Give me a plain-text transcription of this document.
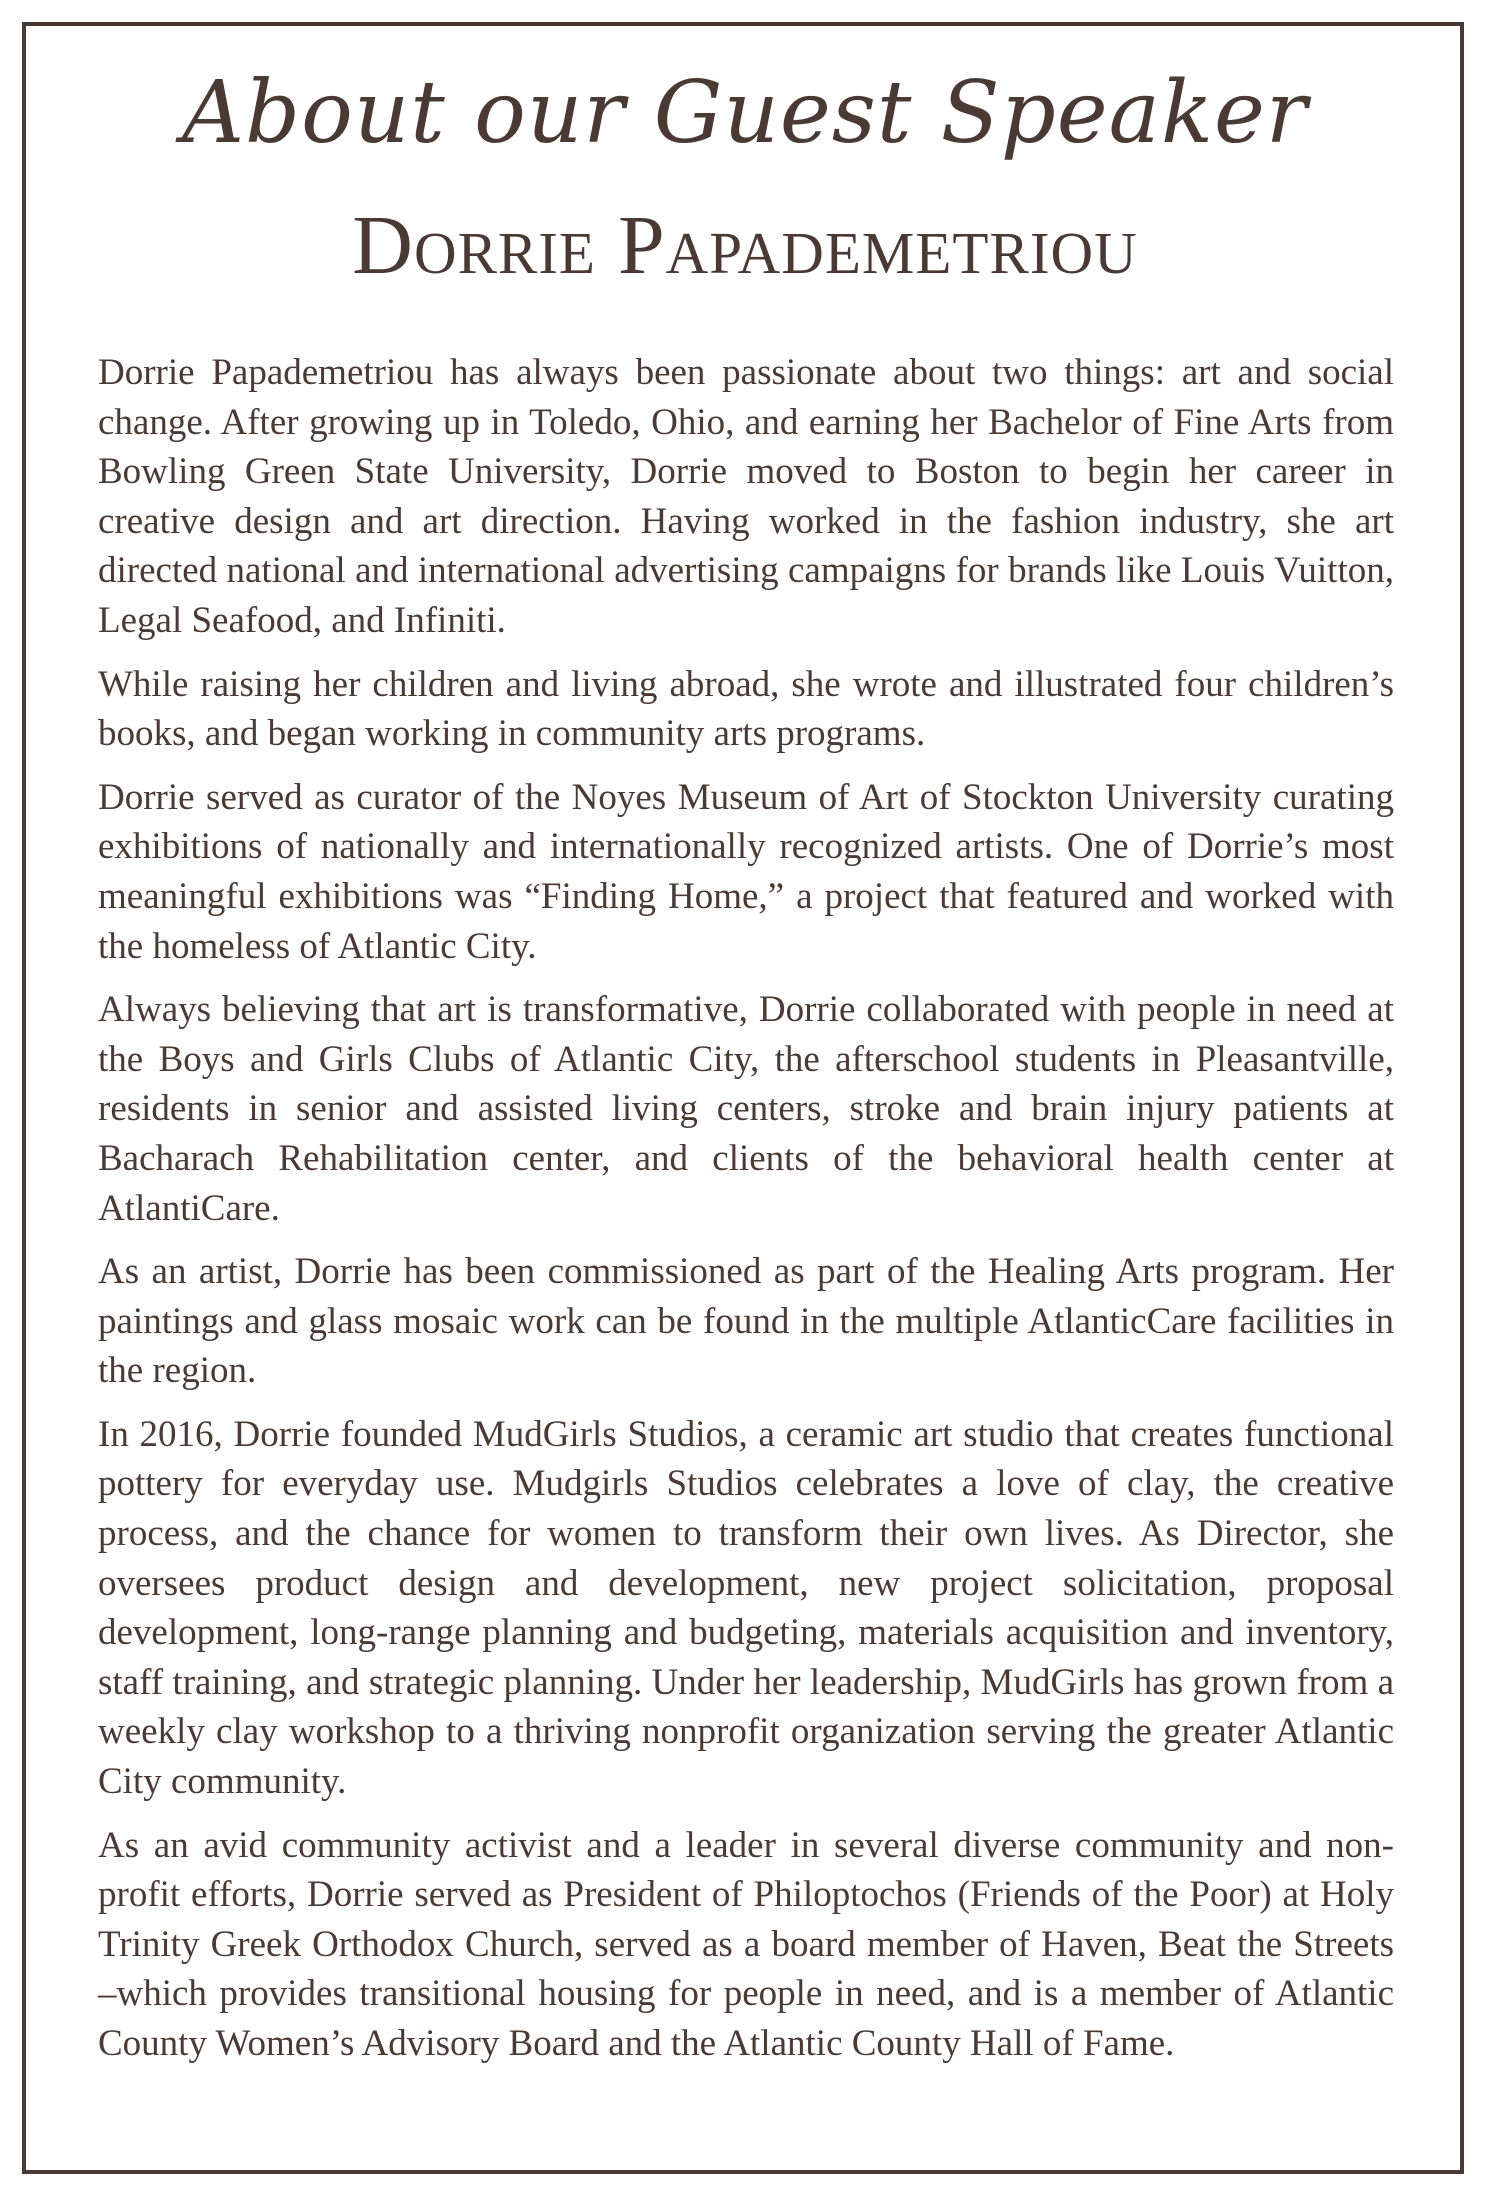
About our Guest Speaker
Dorrie Papademetriou

Dorrie Papademetriou has always been passionate about two things: art and social change. After growing up in Toledo, Ohio, and earning her Bachelor of Fine Arts from Bowling Green State University, Dorrie moved to Boston to begin her career in creative design and art direction. Having worked in the fashion industry, she art directed national and international advertising campaigns for brands like Louis Vuitton, Legal Seafood, and Infiniti.

While raising her children and living abroad, she wrote and illustrated four children’s books, and began working in community arts programs.

Dorrie served as curator of the Noyes Museum of Art of Stockton University curating exhibitions of nationally and internationally recognized artists. One of Dorrie’s most meaningful exhibitions was “Finding Home,” a project that featured and worked with the homeless of Atlantic City.

Always believing that art is transformative, Dorrie collaborated with people in need at the Boys and Girls Clubs of Atlantic City, the afterschool students in Pleasantville, residents in senior and assisted living centers, stroke and brain injury patients at Bacharach Rehabilitation center, and clients of the behavioral health center at AtlantiCare.

As an artist, Dorrie has been commissioned as part of the Healing Arts program. Her paintings and glass mosaic work can be found in the multiple AtlanticCare facilities in the region.

In 2016, Dorrie founded MudGirls Studios, a ceramic art studio that creates functional pottery for everyday use. Mudgirls Studios celebrates a love of clay, the creative process, and the chance for women to transform their own lives. As Director, she oversees product design and development, new project solicitation, proposal development, long-range planning and budgeting, materials acquisition and inventory, staff training, and strategic planning. Under her leadership, MudGirls has grown from a weekly clay workshop to a thriving nonprofit organization serving the greater Atlantic City community.

As an avid community activist and a leader in several diverse community and non-profit efforts, Dorrie served as President of Philoptochos (Friends of the Poor) at Holy Trinity Greek Orthodox Church, served as a board member of Haven, Beat the Streets –which provides transitional housing for people in need, and is a member of Atlantic County Women’s Advisory Board and the Atlantic County Hall of Fame.
